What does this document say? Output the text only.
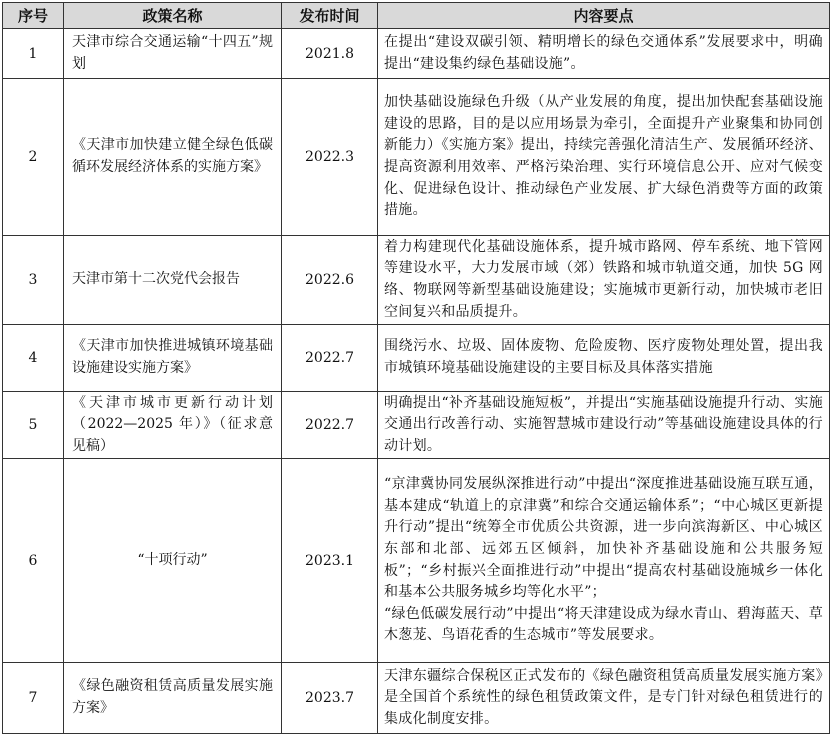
序号	政策名称	发布时间	内容要点
1	天津市综合交通运输“十四五”规划	2021.8	在提出“建设双碳引领、精明增长的绿色交通体系”发展要求中，明确提出“建设集约绿色基础设施”。
2	《天津市加快建立健全绿色低碳循环发展经济体系的实施方案》	2022.3	加快基础设施绿色升级（从产业发展的角度，提出加快配套基础设施建设的思路，目的是以应用场景为牵引，全面提升产业聚集和协同创新能力）《实施方案》提出，持续完善强化清洁生产、发展循环经济、提高资源利用效率、严格污染治理、实行环境信息公开、应对气候变化、促进绿色设计、推动绿色产业发展、扩大绿色消费等方面的政策措施。
3	天津市第十二次党代会报告	2022.6	着力构建现代化基础设施体系，提升城市路网、停车系统、地下管网等建设水平，大力发展市域（郊）铁路和城市轨道交通，加快 5G 网络、物联网等新型基础设施建设；实施城市更新行动，加快城市老旧空间复兴和品质提升。
4	《天津市加快推进城镇环境基础设施建设实施方案》	2022.7	围绕污水、垃圾、固体废物、危险废物、医疗废物处理处置，提出我市城镇环境基础设施建设的主要目标及具体落实措施
5	《天津市城市更新行动计划（2022—2025 年）》（征求意见稿）	2022.7	明确提出“补齐基础设施短板”，并提出“实施基础设施提升行动、实施交通出行改善行动、实施智慧城市建设行动”等基础设施建设具体的行动计划。
6	“十项行动”	2023.1	“京津冀协同发展纵深推进行动”中提出“深度推进基础设施互联互通，基本建成“轨道上的京津冀”和综合交通运输体系”；“中心城区更新提升行动”提出“统筹全市优质公共资源，进一步向滨海新区、中心城区东部和北部、远郊五区倾斜，加快补齐基础设施和公共服务短板”；“乡村振兴全面推进行动”中提出“提高农村基础设施城乡一体化和基本公共服务城乡均等化水平”；
“绿色低碳发展行动”中提出“将天津建设成为绿水青山、碧海蓝天、草木葱茏、鸟语花香的生态城市”等发展要求。
7	《绿色融资租赁高质量发展实施方案》	2023.7	天津东疆综合保税区正式发布的《绿色融资租赁高质量发展实施方案》是全国首个系统性的绿色租赁政策文件，是专门针对绿色租赁进行的集成化制度安排。
